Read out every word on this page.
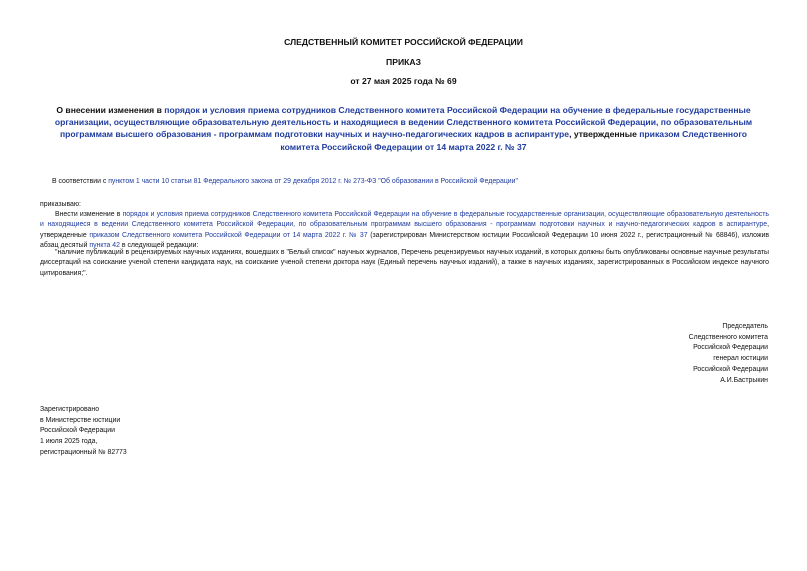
СЛЕДСТВЕННЫЙ КОМИТЕТ РОССИЙСКОЙ ФЕДЕРАЦИИ
ПРИКАЗ
от 27 мая 2025 года № 69
О внесении изменения в порядок и условия приема сотрудников Следственного комитета Российской Федерации на обучение в федеральные государственные организации, осуществляющие образовательную деятельность и находящиеся в ведении Следственного комитета Российской Федерации, по образовательным программам высшего образования - программам подготовки научных и научно-педагогических кадров в аспирантуре, утвержденные приказом Следственного комитета Российской Федерации от 14 марта 2022 г. № 37
В соответствии с пунктом 1 части 10 статьи 81 Федерального закона от 29 декабря 2012 г. № 273-ФЗ "Об образовании в Российской Федерации"
приказываю:
Внести изменение в порядок и условия приема сотрудников Следственного комитета Российской Федерации на обучение в федеральные государственные организации, осуществляющие образовательную деятельность и находящиеся в ведении Следственного комитета Российской Федерации, по образовательным программам высшего образования - программам подготовки научных и научно-педагогических кадров в аспирантуре, утвержденные приказом Следственного комитета Российской Федерации от 14 марта 2022 г. № 37 (зарегистрирован Министерством юстиции Российской Федерации 10 июня 2022 г., регистрационный № 68846), изложив абзац десятый пункта 42 в следующей редакции:
"наличие публикаций в рецензируемых научных изданиях, вошедших в "Белый список" научных журналов, Перечень рецензируемых научных изданий, в которых должны быть опубликованы основные научные результаты диссертаций на соискание ученой степени кандидата наук, на соискание ученой степени доктора наук (Единый перечень научных изданий), а также в научных изданиях, зарегистрированных в Российском индексе научного цитирования;".
Председатель
Следственного комитета
Российской Федерации
генерал юстиции
Российской Федерации
А.И.Бастрыкин
Зарегистрировано
в Министерстве юстиции
Российской Федерации
1 июля 2025 года,
регистрационный № 82773
